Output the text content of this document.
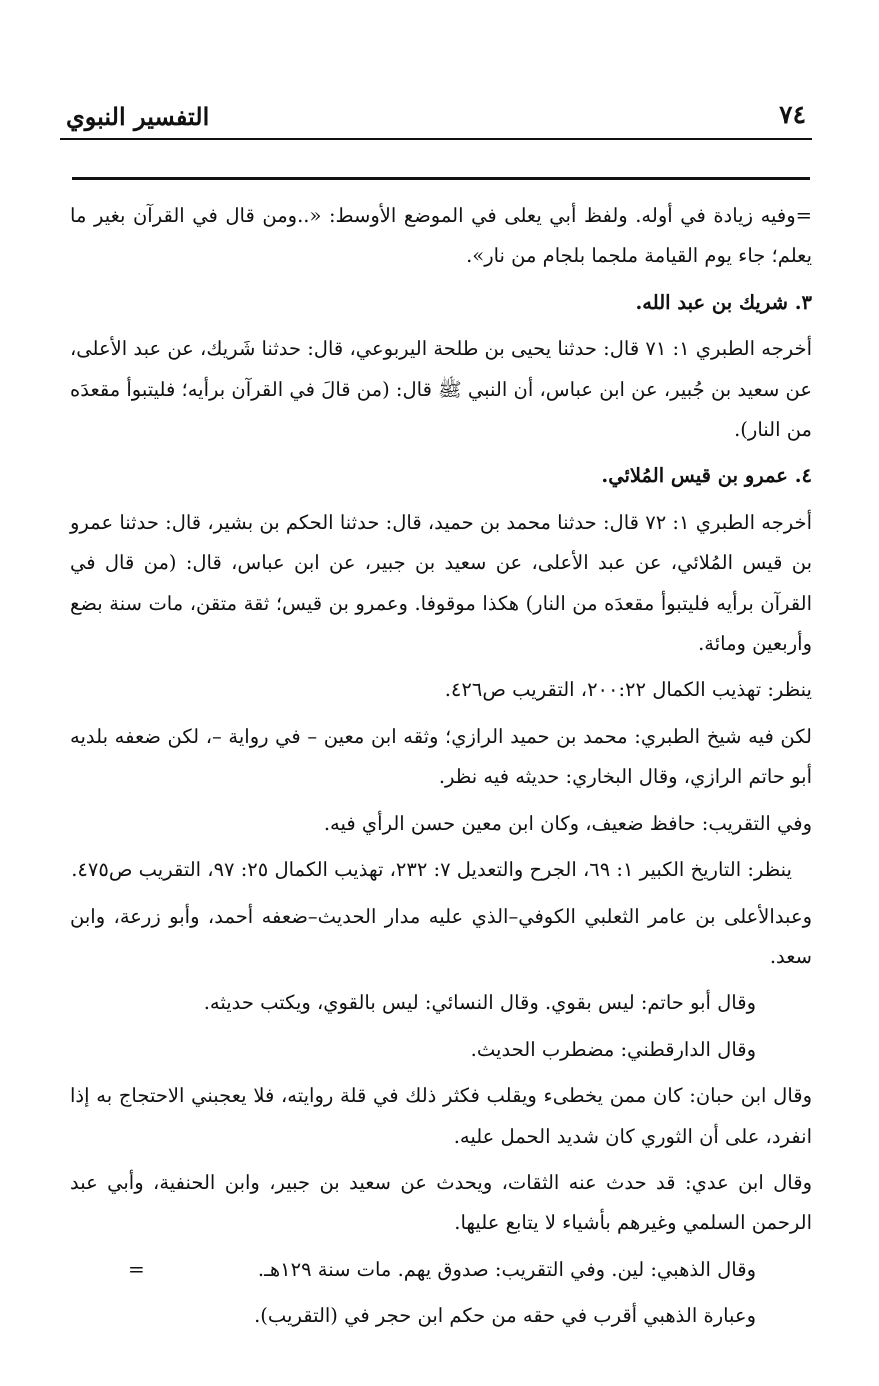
٧٤
التفسير النبوي

=وفيه زيادة في أوله. ولفظ أبي يعلى في الموضع الأوسط: «..ومن قال في القرآن بغير ما يعلم؛ جاء يوم القيامة ملجما بلجام من نار».

٣. شريك بن عبد الله.

أخرجه الطبري ١: ٧١ قال: حدثنا يحيى بن طلحة اليربوعي، قال: حدثنا شَريك، عن عبد الأعلى، عن سعيد بن جُبير، عن ابن عباس، أن النبي ﷺ قال: (من قالَ في القرآن برأيه؛ فليتبوأ مقعدَه من النار).

٤. عمرو بن قيس المُلائي.

أخرجه الطبري ١: ٧٢ قال: حدثنا محمد بن حميد، قال: حدثنا الحكم بن بشير، قال: حدثنا عمرو بن قيس المُلائي، عن عبد الأعلى، عن سعيد بن جبير، عن ابن عباس، قال: (من قال في القرآن برأيه فليتبوأ مقعدَه من النار) هكذا موقوفا. وعمرو بن قيس؛ ثقة متقن، مات سنة بضع وأربعين ومائة.

ينظر: تهذيب الكمال ٢٠٠:٢٢، التقريب ص٤٢٦.

لكن فيه شيخ الطبري: محمد بن حميد الرازي؛ وثقه ابن معين – في رواية –، لكن ضعفه بلديه أبو حاتم الرازي، وقال البخاري: حديثه فيه نظر.

وفي التقريب: حافظ ضعيف، وكان ابن معين حسن الرأي فيه.

ينظر: التاريخ الكبير ١: ٦٩، الجرح والتعديل ٧: ٢٣٢، تهذيب الكمال ٢٥: ٩٧، التقريب ص٤٧٥.

وعبدالأعلى بن عامر الثعلبي الكوفي–الذي عليه مدار الحديث–ضعفه أحمد، وأبو زرعة، وابن سعد.

وقال أبو حاتم: ليس بقوي. وقال النسائي: ليس بالقوي، ويكتب حديثه.

وقال الدارقطني: مضطرب الحديث.

وقال ابن حبان: كان ممن يخطىء ويقلب فكثر ذلك في قلة روايته، فلا يعجبني الاحتجاج به إذا انفرد، على أن الثوري كان شديد الحمل عليه.

وقال ابن عدي: قد حدث عنه الثقات، ويحدث عن سعيد بن جبير، وابن الحنفية، وأبي عبد الرحمن السلمي وغيرهم بأشياء لا يتابع عليها.

وقال الذهبي: لين. وفي التقريب: صدوق يهم. مات سنة ١٢٩هـ.

وعبارة الذهبي أقرب في حقه من حكم ابن حجر في (التقريب).

=
